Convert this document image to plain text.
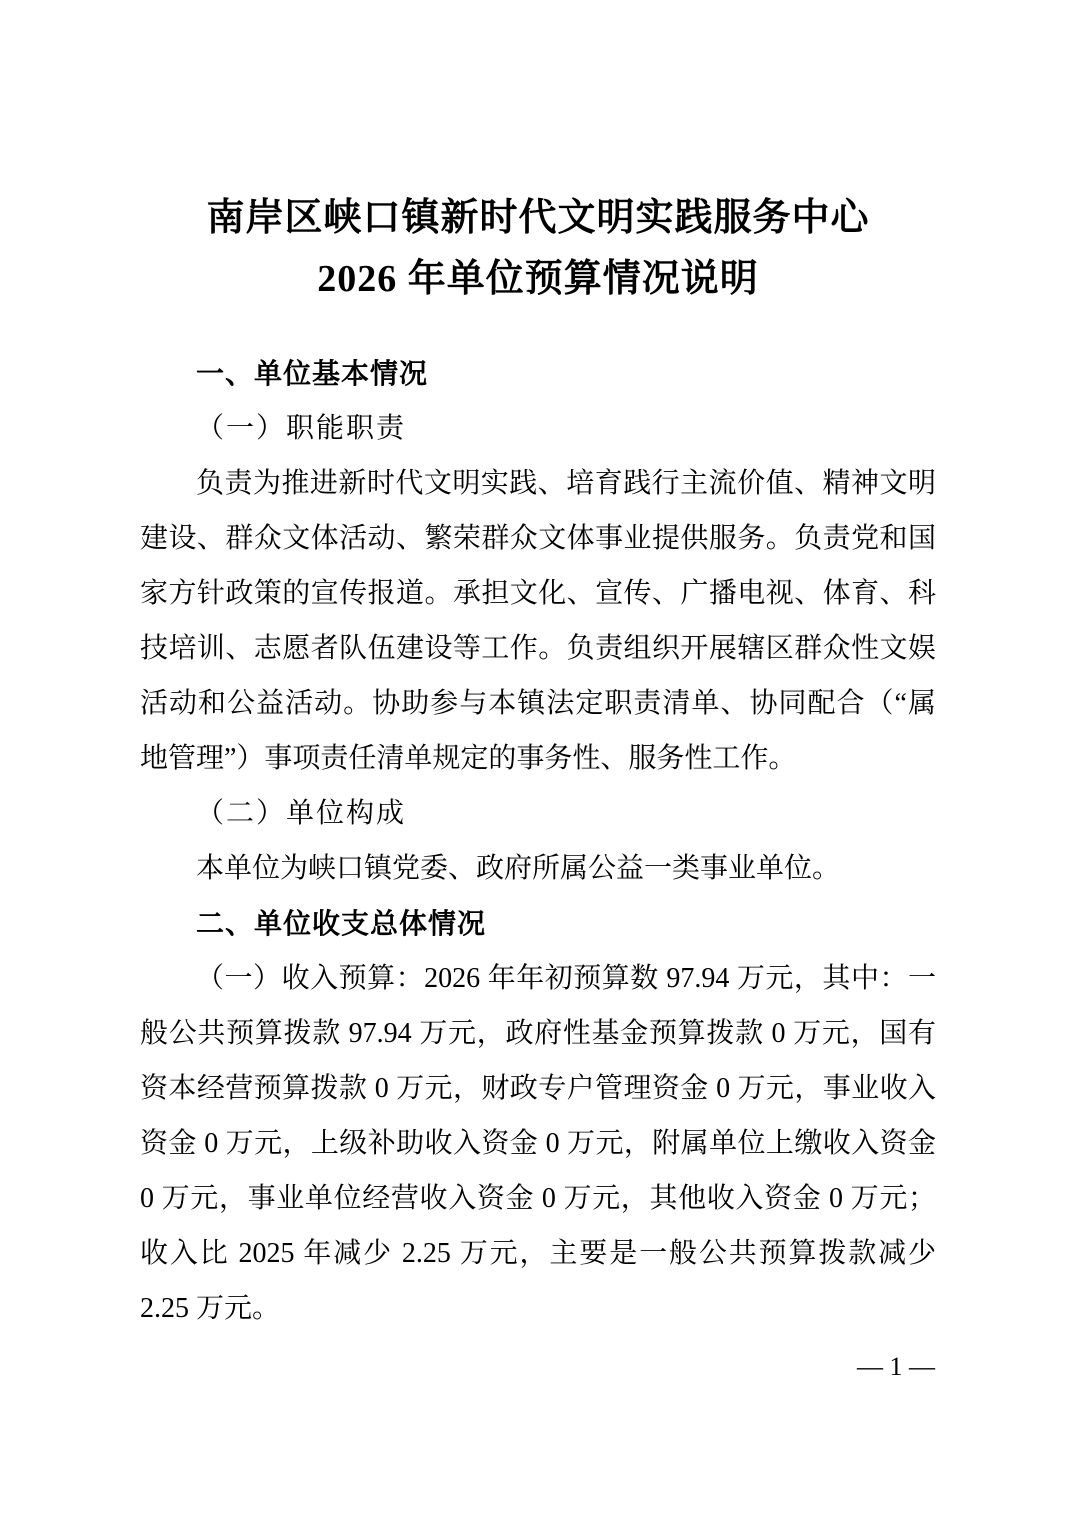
南岸区峡口镇新时代文明实践服务中心
2026 年单位预算情况说明
一、单位基本情况
（一）职能职责

负责为推进新时代文明实践、培育践行主流价值、精神文明建设、群众文体活动、繁荣群众文体事业提供服务。负责党和国家方针政策的宣传报道。承担文化、宣传、广播电视、体育、科技培训、志愿者队伍建设等工作。负责组织开展辖区群众性文娱活动和公益活动。协助参与本镇法定职责清单、协同配合（“属地管理”）事项责任清单规定的事务性、服务性工作。

（二）单位构成

本单位为峡口镇党委、政府所属公益一类事业单位。

二、单位收支总体情况

（一）收入预算：2026 年年初预算数 97.94 万元，其中：一般公共预算拨款 97.94 万元，政府性基金预算拨款 0 万元，国有资本经营预算拨款 0 万元，财政专户管理资金 0 万元，事业收入资金 0 万元，上级补助收入资金 0 万元，附属单位上缴收入资金 0 万元，事业单位经营收入资金 0 万元，其他收入资金 0 万元；收入比 2025 年减少 2.25 万元，主要是一般公共预算拨款减少 2.25 万元。

— 1 —
